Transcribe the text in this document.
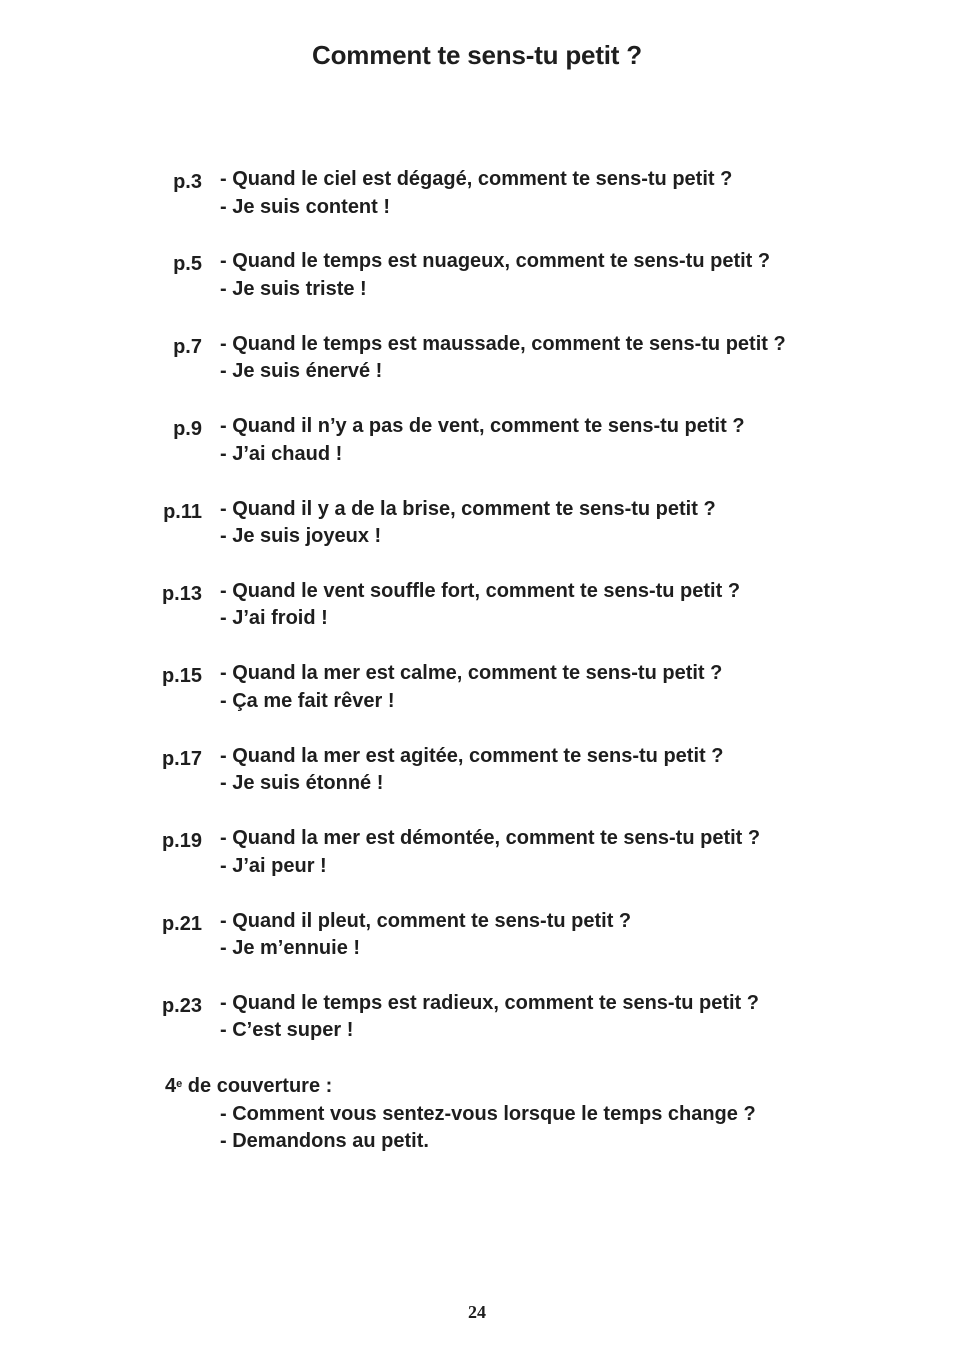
Comment te sens-tu petit ?
p.3 - Quand le ciel est dégagé, comment te sens-tu petit ?
- Je suis content !
p.5 - Quand le temps est nuageux, comment te sens-tu petit ?
- Je suis triste !
p.7 - Quand le temps est maussade, comment te sens-tu petit ?
- Je suis énervé !
p.9 - Quand il n’y a pas de vent, comment te sens-tu petit ?
- J’ai chaud !
p.11 - Quand il y a de la brise, comment te sens-tu petit ?
- Je suis joyeux !
p.13 - Quand le vent souffle fort, comment te sens-tu petit ?
- J’ai froid !
p.15 - Quand la mer est calme, comment te sens-tu petit ?
- Ça me fait rêver !
p.17 - Quand la mer est agitée, comment te sens-tu petit ?
- Je suis étonné !
p.19 - Quand la mer est démontée, comment te sens-tu petit ?
- J’ai peur !
p.21 - Quand il pleut, comment te sens-tu petit ?
- Je m’ennuie !
p.23 - Quand le temps est radieux, comment te sens-tu petit ?
- C’est super !
4e de couverture :
- Comment vous sentez-vous lorsque le temps change ?
- Demandons au petit.
24
